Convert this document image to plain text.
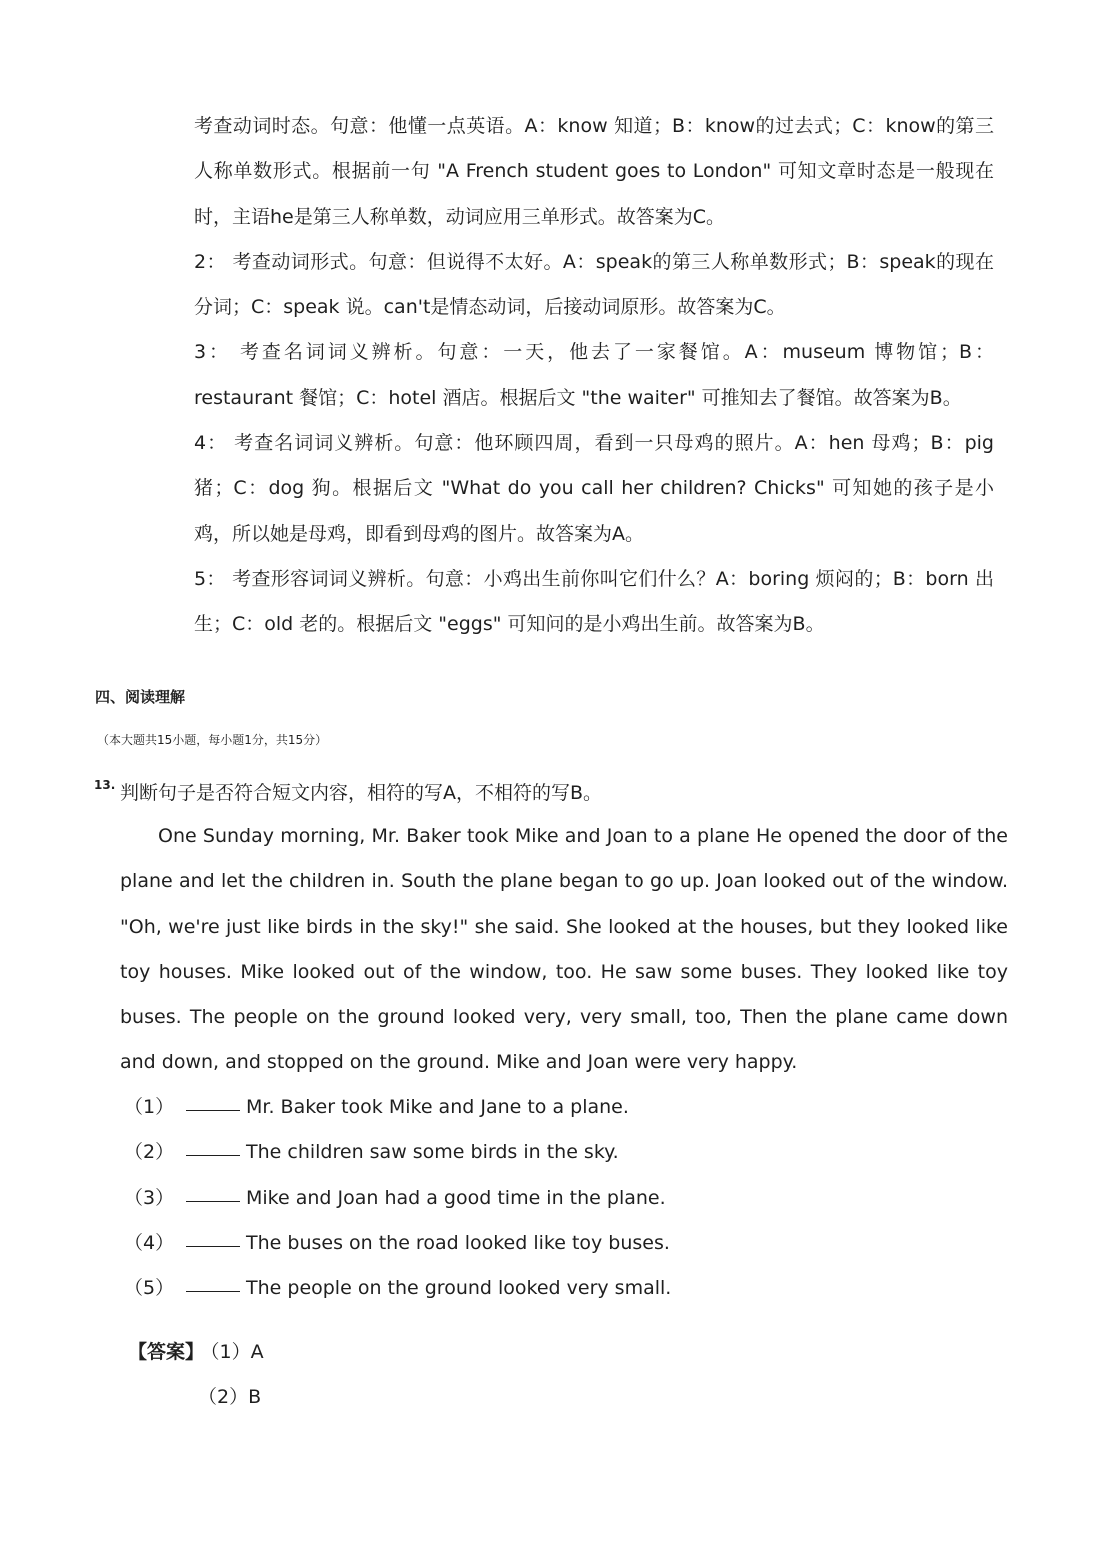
考查动词时态。句意：他懂一点英语。A：know 知道；B：know的过去式；C：know的第三人称单数形式。根据前一句 "A French student goes to London" 可知文章时态是一般现在时，主语he是第三人称单数，动词应用三单形式。故答案为C。

2： 考查动词形式。句意：但说得不太好。A：speak的第三人称单数形式；B：speak的现在分词；C：speak 说。can't是情态动词，后接动词原形。故答案为C。

3： 考查名词词义辨析。句意：一天，他去了一家餐馆。A：museum 博物馆；B：restaurant 餐馆；C：hotel 酒店。根据后文 "the waiter" 可推知去了餐馆。故答案为B。

4： 考查名词词义辨析。句意：他环顾四周，看到一只母鸡的照片。A：hen 母鸡；B：pig 猪；C：dog 狗。根据后文 "What do you call her children? Chicks" 可知她的孩子是小鸡，所以她是母鸡，即看到母鸡的图片。故答案为A。

5： 考查形容词词义辨析。句意：小鸡出生前你叫它们什么？A：boring 烦闷的；B：born 出生；C：old 老的。根据后文 "eggs" 可知问的是小鸡出生前。故答案为B。

四、阅读理解
（本大题共15小题，每小题1分，共15分）
13. 判断句子是否符合短文内容，相符的写A，不相符的写B。

One Sunday morning, Mr. Baker took Mike and Joan to a plane He opened the door of the plane and let the children in. South the plane began to go up. Joan looked out of the window. "Oh, we're just like birds in the sky!" she said. She looked at the houses, but they looked like toy houses. Mike looked out of the window, too. He saw some buses. They looked like toy buses. The people on the ground looked very, very small, too, Then the plane came down and down, and stopped on the ground. Mike and Joan were very happy.

（1）	Mr. Baker took Mike and Jane to a plane.
（2）	The children saw some birds in the sky.
（3）	Mike and Joan had a good time in the plane.
（4）	The buses on the road looked like toy buses.
（5）	The people on the ground looked very small.
【答案】 （1）A
（2）B
